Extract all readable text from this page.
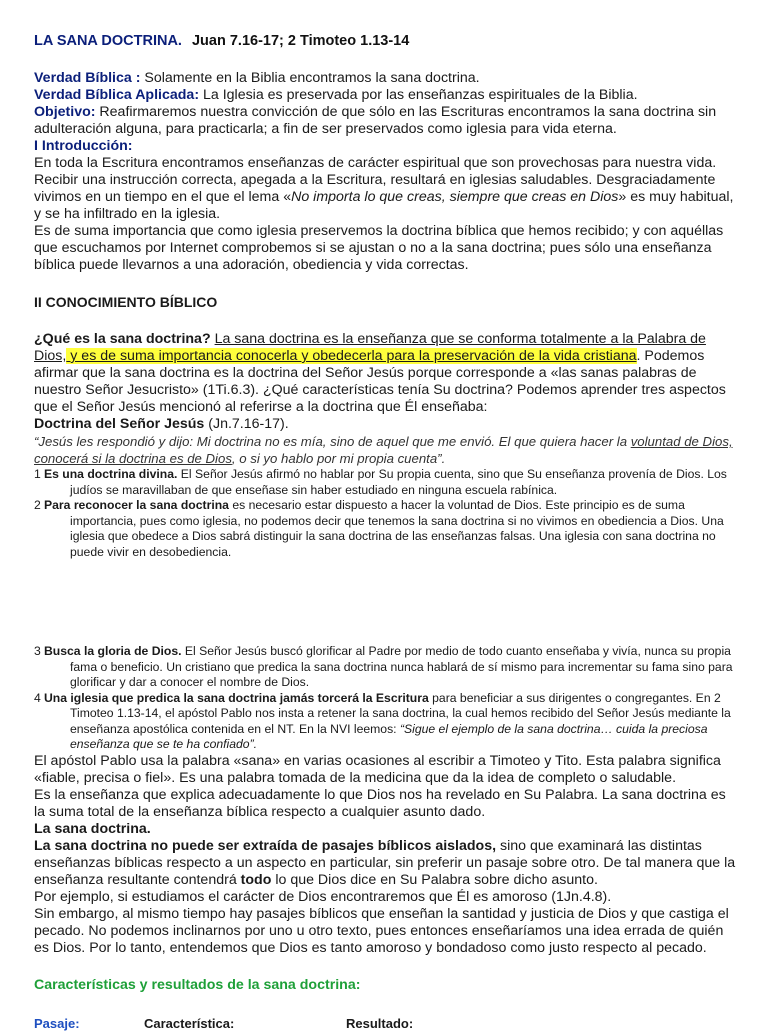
LA SANA DOCTRINA. Juan 7.16-17; 2 Timoteo 1.13-14

Verdad Bíblica : Solamente en la Biblia encontramos la sana doctrina.

Verdad Bíblica Aplicada: La Iglesia es preservada por las enseñanzas espirituales de la Biblia.

Objetivo: Reafirmaremos nuestra convicción de que sólo en las Escrituras encontramos la sana doctrina sin adulteración alguna, para practicarla; a fin de ser preservados como iglesia para vida eterna.

I Introducción:

En toda la Escritura encontramos enseñanzas de carácter espiritual que son provechosas para nuestra vida. Recibir una instrucción correcta, apegada a la Escritura, resultará en iglesias saludables. Desgraciadamente vivimos en un tiempo en el que el lema «No importa lo que creas, siempre que creas en Dios» es muy habitual, y se ha infiltrado en la iglesia.

Es de suma importancia que como iglesia preservemos la doctrina bíblica que hemos recibido; y con aquéllas que escuchamos por Internet comprobemos si se ajustan o no a la sana doctrina; pues sólo una enseñanza bíblica puede llevarnos a una adoración, obediencia y vida correctas.

II CONOCIMIENTO BÍBLICO

¿Qué es la sana doctrina? La sana doctrina es la enseñanza que se conforma totalmente a la Palabra de Dios, y es de suma importancia conocerla y obedecerla para la preservación de la vida cristiana. Podemos afirmar que la sana doctrina es la doctrina del Señor Jesús porque corresponde a «las sanas palabras de nuestro Señor Jesucristo» (1Ti.6.3). ¿Qué características tenía Su doctrina? Podemos aprender tres aspectos que el Señor Jesús mencionó al referirse a la doctrina que Él enseñaba:

Doctrina del Señor Jesús (Jn.7.16-17).

“Jesús les respondió y dijo: Mi doctrina no es mía, sino de aquel que me envió. El que quiera hacer la voluntad de Dios, conocerá si la doctrina es de Dios, o si yo hablo por mi propia cuenta”.

1 Es una doctrina divina. El Señor Jesús afirmó no hablar por Su propia cuenta, sino que Su enseñanza provenía de Dios. Los judíos se maravillaban de que enseñase sin haber estudiado en ninguna escuela rabínica.

2 Para reconocer la sana doctrina es necesario estar dispuesto a hacer la voluntad de Dios. Este principio es de suma importancia, pues como iglesia, no podemos decir que tenemos la sana doctrina si no vivimos en obediencia a Dios. Una iglesia que obedece a Dios sabrá distinguir la sana doctrina de las enseñanzas falsas. Una iglesia con sana doctrina no puede vivir en desobediencia.

3 Busca la gloria de Dios. El Señor Jesús buscó glorificar al Padre por medio de todo cuanto enseñaba y vivía, nunca su propia fama o beneficio. Un cristiano que predica la sana doctrina nunca hablará de sí mismo para incrementar su fama sino para glorificar y dar a conocer el nombre de Dios.

4 Una iglesia que predica la sana doctrina jamás torcerá la Escritura para beneficiar a sus dirigentes o congregantes. En 2 Timoteo 1.13-14, el apóstol Pablo nos insta a retener la sana doctrina, la cual hemos recibido del Señor Jesús mediante la enseñanza apostólica contenida en el NT. En la NVI leemos: “Sigue el ejemplo de la sana doctrina… cuida la preciosa enseñanza que se te ha confiado”.

El apóstol Pablo usa la palabra «sana» en varias ocasiones al escribir a Timoteo y Tito. Esta palabra significa «fiable, precisa o fiel». Es una palabra tomada de la medicina que da la idea de completo o saludable.

Es la enseñanza que explica adecuadamente lo que Dios nos ha revelado en Su Palabra. La sana doctrina es la suma total de la enseñanza bíblica respecto a cualquier asunto dado.

La sana doctrina.

La sana doctrina no puede ser extraída de pasajes bíblicos aislados, sino que examinará las distintas enseñanzas bíblicas respecto a un aspecto en particular, sin preferir un pasaje sobre otro. De tal manera que la enseñanza resultante contendrá todo lo que Dios dice en Su Palabra sobre dicho asunto.

Por ejemplo, si estudiamos el carácter de Dios encontraremos que Él es amoroso (1Jn.4.8).

Sin embargo, al mismo tiempo hay pasajes bíblicos que enseñan la santidad y justicia de Dios y que castiga el pecado. No podemos inclinarnos por uno u otro texto, pues entonces enseñaríamos una idea errada de quién es Dios. Por lo tanto, entendemos que Dios es tanto amoroso y bondadoso como justo respecto al pecado.

Características y resultados de la sana doctrina:

Pasaje:	Característica:	Resultado:
